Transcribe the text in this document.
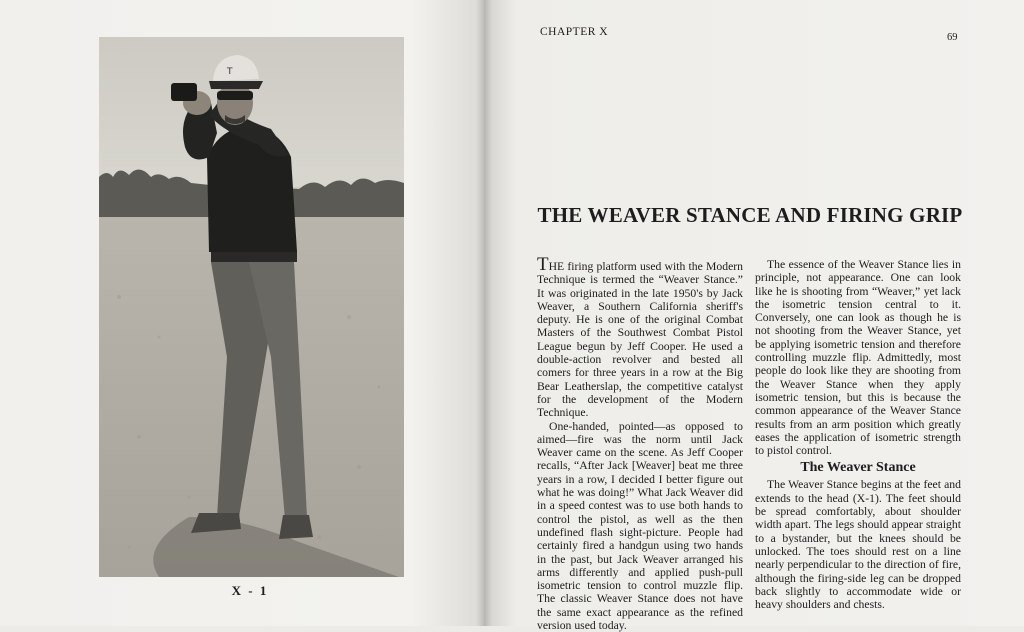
T
X - 1
CHAPTER X	69
THE WEAVER STANCE AND FIRING GRIP

THE firing platform used with the Modern Technique is termed the “Weaver Stance.” It was originated in the late 1950's by Jack Weaver, a Southern California sheriff's deputy. He is one of the original Combat Masters of the Southwest Combat Pistol League begun by Jeff Cooper. He used a double-action revolver and bested all comers for three years in a row at the Big Bear Leatherslap, the competitive catalyst for the development of the Modern Technique.

One-handed, pointed—as opposed to aimed—fire was the norm until Jack Weaver came on the scene. As Jeff Cooper recalls, “After Jack [Weaver] beat me three years in a row, I decided I better figure out what he was doing!” What Jack Weaver did in a speed contest was to use both hands to control the pistol, as well as the then undefined flash sight-picture. People had certainly fired a handgun using two hands in the past, but Jack Weaver arranged his arms differently and applied push-pull isometric tension to control muzzle flip. The classic Weaver Stance does not have the same exact appearance as the refined version used today.

The essence of the Weaver Stance lies in principle, not appearance. One can look like he is shooting from “Weaver,” yet lack the isometric tension central to it. Conversely, one can look as though he is not shooting from the Weaver Stance, yet be applying isometric tension and therefore controlling muzzle flip. Admittedly, most people do look like they are shooting from the Weaver Stance when they apply isometric tension, but this is because the common appearance of the Weaver Stance results from an arm position which greatly eases the application of isometric strength to pistol control.

The Weaver Stance

The Weaver Stance begins at the feet and extends to the head (X-1). The feet should be spread comfortably, about shoulder width apart. The legs should appear straight to a bystander, but the knees should be unlocked. The toes should rest on a line nearly perpendicular to the direction of fire, although the firing-side leg can be dropped back slightly to accommodate wide or heavy shoulders and chests.
